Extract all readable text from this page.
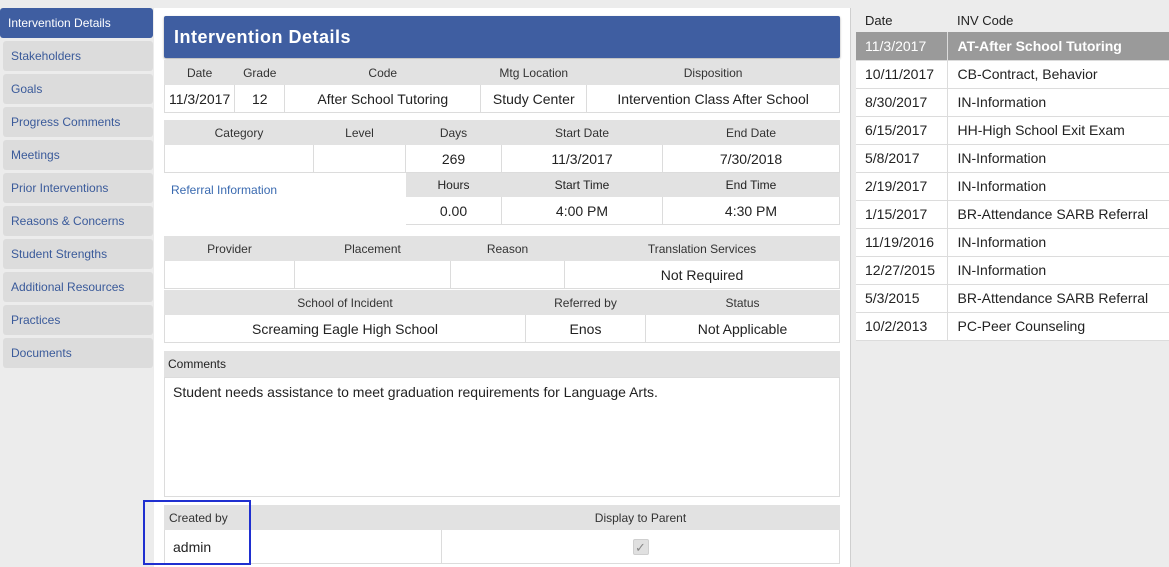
Intervention Details
Stakeholders
Goals
Progress Comments
Meetings
Prior Interventions
Reasons & Concerns
Student Strengths
Additional Resources
Practices
Documents
Intervention Details
Date	Grade	Code	Mtg Location	Disposition
11/3/2017	12	After School Tutoring	Study Center	Intervention Class After School
Category	Level	Days	Start Date	End Date
		269	11/3/2017	7/30/2018
Referral Information		Hours	Start Time	End Time
		0.00	4:00 PM	4:30 PM
Provider	Placement	Reason	Translation Services
			Not Required
School of Incident	Referred by	Status
Screaming Eagle High School	Enos	Not Applicable
Comments
Student needs assistance to meet graduation requirements for Language Arts.
Created by	Display to Parent
admin	✓
Date	INV Code
11/3/2017	AT-After School Tutoring
10/11/2017	CB-Contract, Behavior
8/30/2017	IN-Information
6/15/2017	HH-High School Exit Exam
5/8/2017	IN-Information
2/19/2017	IN-Information
1/15/2017	BR-Attendance SARB Referral
11/19/2016	IN-Information
12/27/2015	IN-Information
5/3/2015	BR-Attendance SARB Referral
10/2/2013	PC-Peer Counseling
